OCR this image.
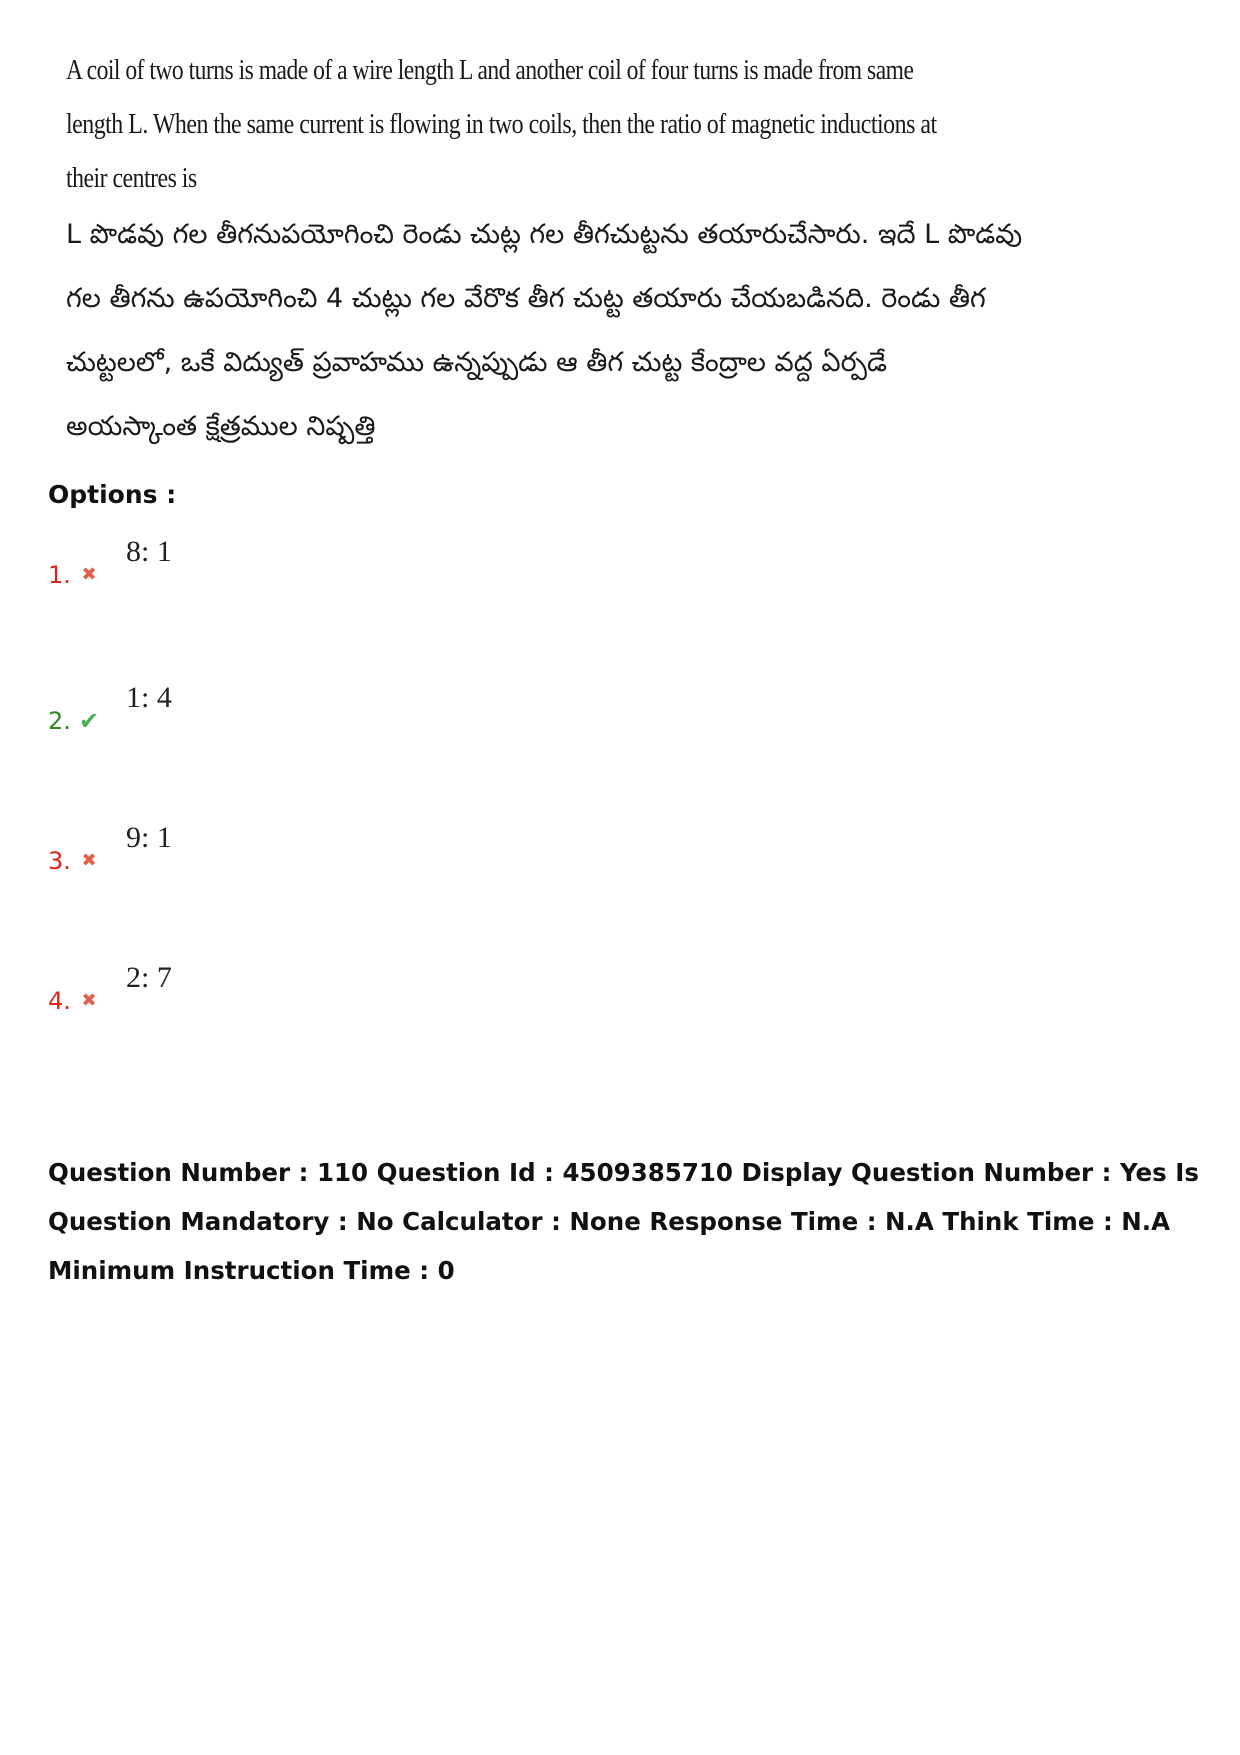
A coil of two turns is made of a wire length L and another coil of four turns is made from same
length L. When the same current is flowing in two coils, then the ratio of magnetic inductions at
their centres is
L పొడవు గల తీగనుపయోగించి రెండు చుట్ల గల తీగచుట్టను తయారుచేసారు. ఇదే L పొడవు
గల తీగను ఉపయోగించి 4 చుట్లు గల వేరొక తీగ చుట్ట తయారు చేయబడినది. రెండు తీగ
చుట్టలలో, ఒకే విద్యుత్ ప్రవాహము ఉన్నప్పుడు ఆ తీగ చుట్ట కేంద్రాల వద్ద ఏర్పడే
అయస్కాంత క్షేత్రముల నిష్పత్తి
Options :
1. ✖
8: 1
2. ✔
1: 4
3. ✖
9: 1
4. ✖
2: 7
Question Number : 110 Question Id : 4509385710 Display Question Number : Yes Is Question Mandatory : No Calculator : None Response Time : N.A Think Time : N.A Minimum Instruction Time : 0
